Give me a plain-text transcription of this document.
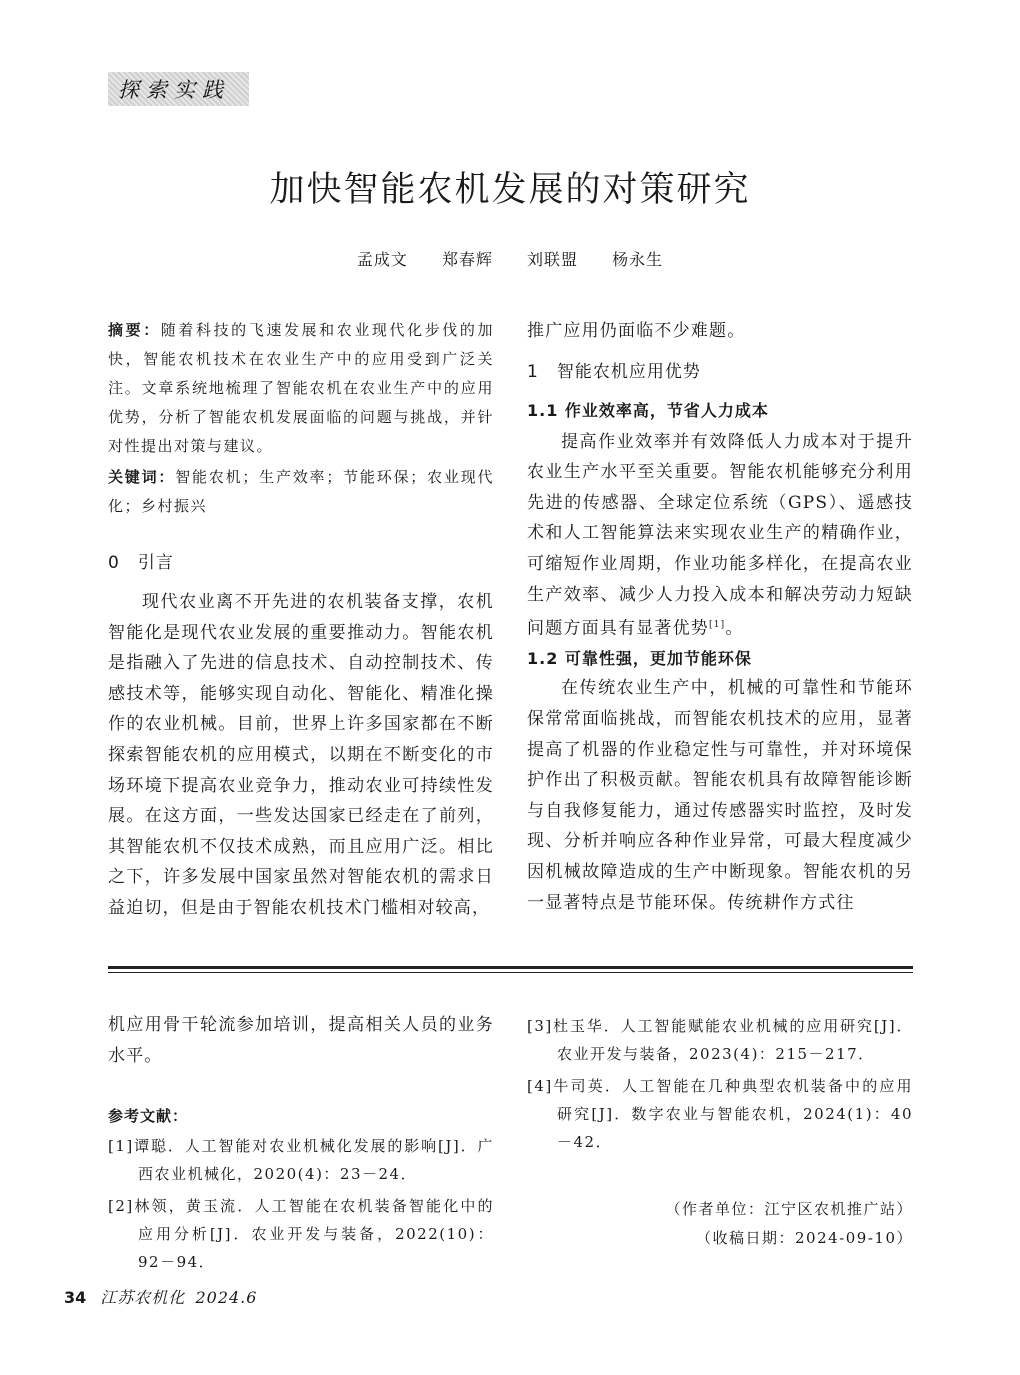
探索实践
加快智能农机发展的对策研究
孟成文 郑春辉 刘联盟 杨永生

摘要：随着科技的飞速发展和农业现代化步伐的加快，智能农机技术在农业生产中的应用受到广泛关注。文章系统地梳理了智能农机在农业生产中的应用优势，分析了智能农机发展面临的问题与挑战，并针对性提出对策与建议。

关键词：智能农机；生产效率；节能环保；农业现代化；乡村振兴

0　引言

现代农业离不开先进的农机装备支撑，农机智能化是现代农业发展的重要推动力。智能农机是指融入了先进的信息技术、自动控制技术、传感技术等，能够实现自动化、智能化、精准化操作的农业机械。目前，世界上许多国家都在不断探索智能农机的应用模式，以期在不断变化的市场环境下提高农业竞争力，推动农业可持续性发展。在这方面，一些发达国家已经走在了前列，其智能农机不仅技术成熟，而且应用广泛。相比之下，许多发展中国家虽然对智能农机的需求日益迫切，但是由于智能农机技术门槛相对较高，

推广应用仍面临不少难题。

1　智能农机应用优势

1.1 作业效率高，节省人力成本

提高作业效率并有效降低人力成本对于提升农业生产水平至关重要。智能农机能够充分利用先进的传感器、全球定位系统（GPS）、遥感技术和人工智能算法来实现农业生产的精确作业，可缩短作业周期，作业功能多样化，在提高农业生产效率、减少人力投入成本和解决劳动力短缺问题方面具有显著优势[1]。

1.2 可靠性强，更加节能环保

在传统农业生产中，机械的可靠性和节能环保常常面临挑战，而智能农机技术的应用，显著提高了机器的作业稳定性与可靠性，并对环境保护作出了积极贡献。智能农机具有故障智能诊断与自我修复能力，通过传感器实时监控，及时发现、分析并响应各种作业异常，可最大程度减少因机械故障造成的生产中断现象。智能农机的另一显著特点是节能环保。传统耕作方式往

机应用骨干轮流参加培训，提高相关人员的业务水平。

参考文献：

[1]谭聪．人工智能对农业机械化发展的影响[J]．广西农业机械化，2020(4)：23－24．

[2]林领，黄玉流．人工智能在农机装备智能化中的应用分析[J]．农业开发与装备，2022(10)：92－94．

[3]杜玉华．人工智能赋能农业机械的应用研究[J]．农业开发与装备，2023(4)：215－217．

[4]牛司英．人工智能在几种典型农机装备中的应用研究[J]．数字农业与智能农机，2024(1)：40－42．

（作者单位：江宁区农机推广站）

（收稿日期：2024-09-10）

34 江苏农机化 2024.6
